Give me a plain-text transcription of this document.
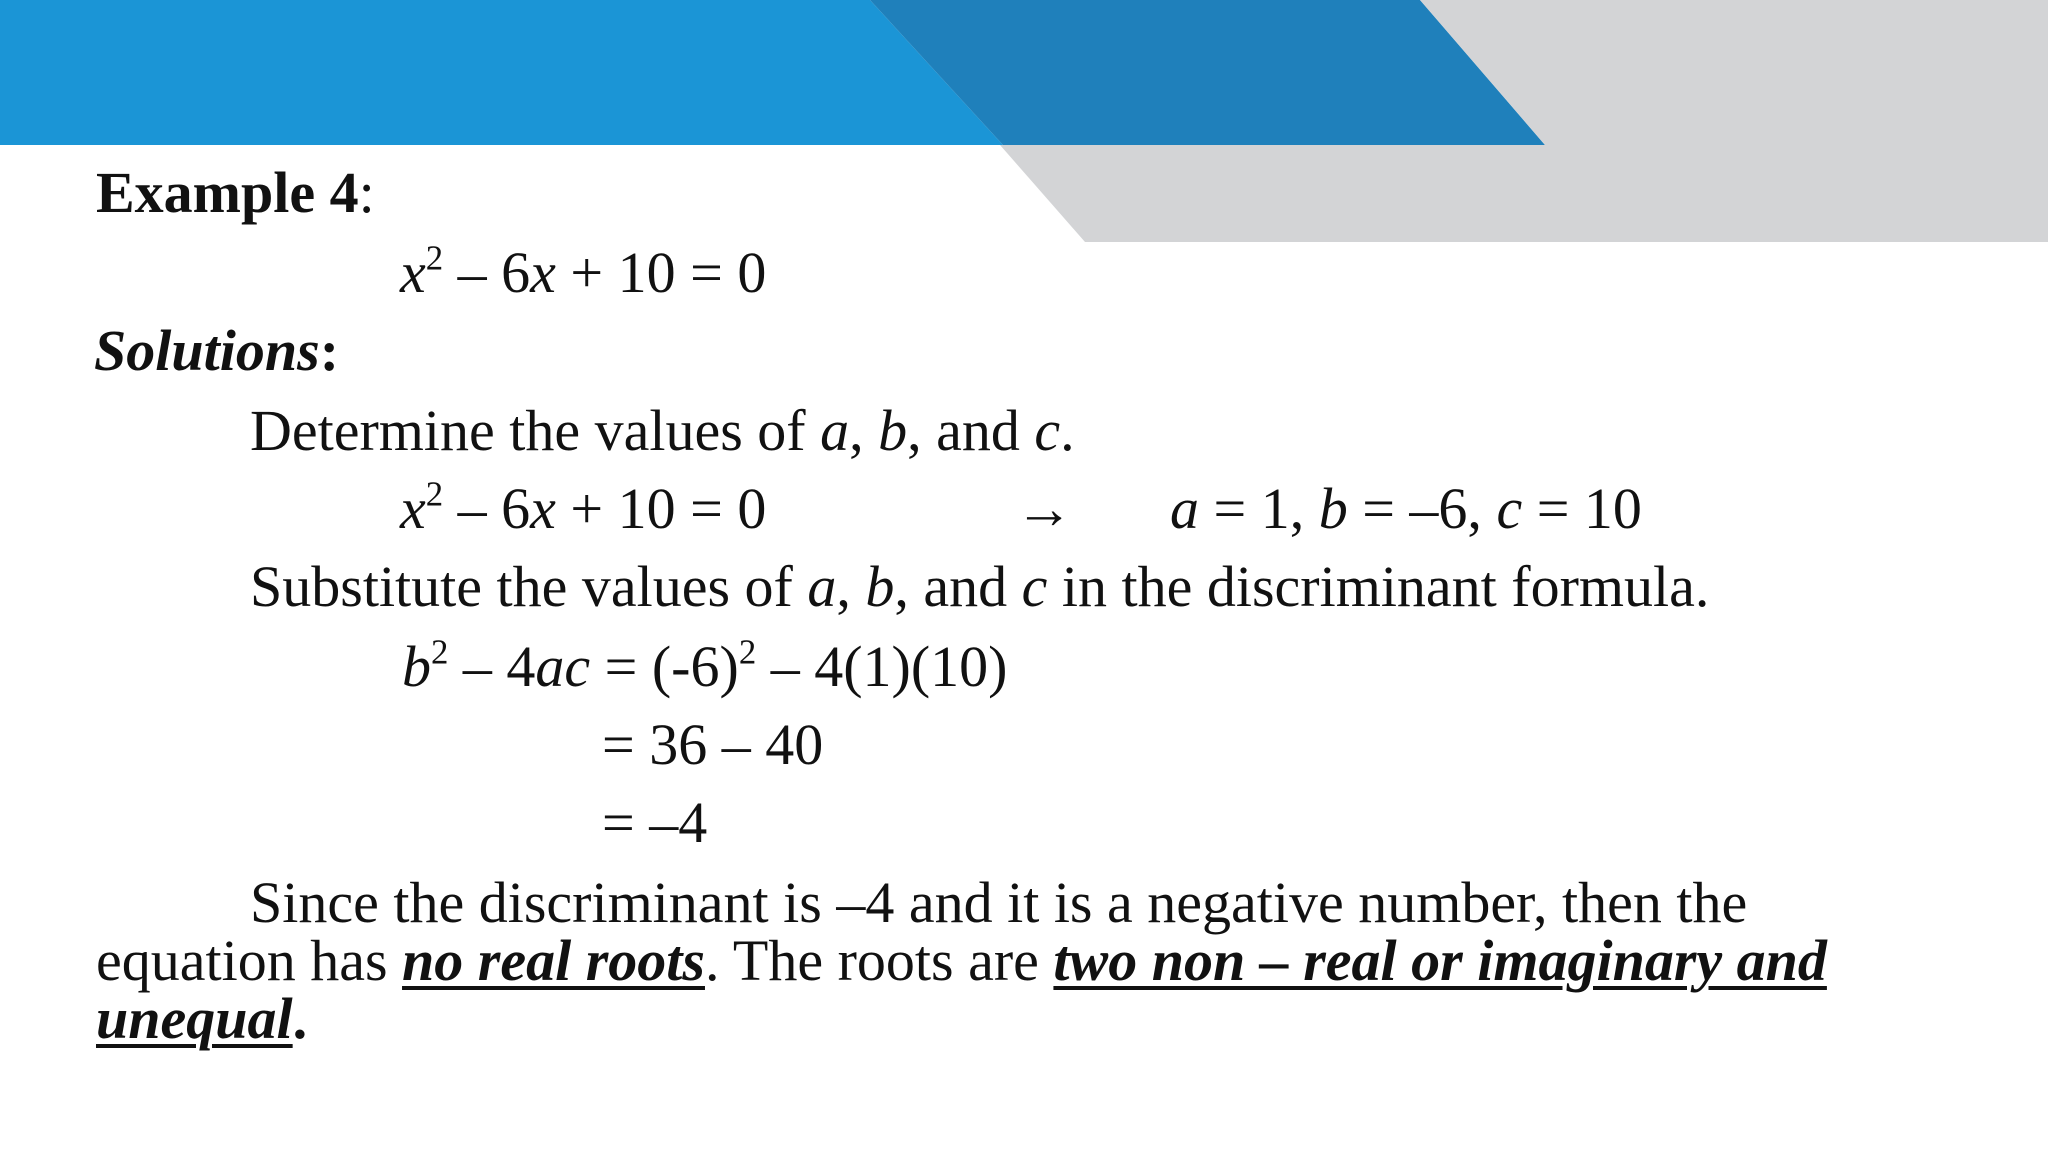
Example 4:
$x^2 - 6x + 10 = 0$
Solutions:
Determine the values of a, b, and c.
$x^2 - 6x + 10 = 0$	→ a = 1, b = –6, c = 10
Substitute the values of a, b, and c in the discriminant formula.
$b^2 - 4ac = (-6)^2 - 4(1)(10)$
= 36 – 40
= –4
Since the discriminant is –4 and it is a negative number, then the
equation has no real roots. The roots are two non – real or imaginary and
unequal.
